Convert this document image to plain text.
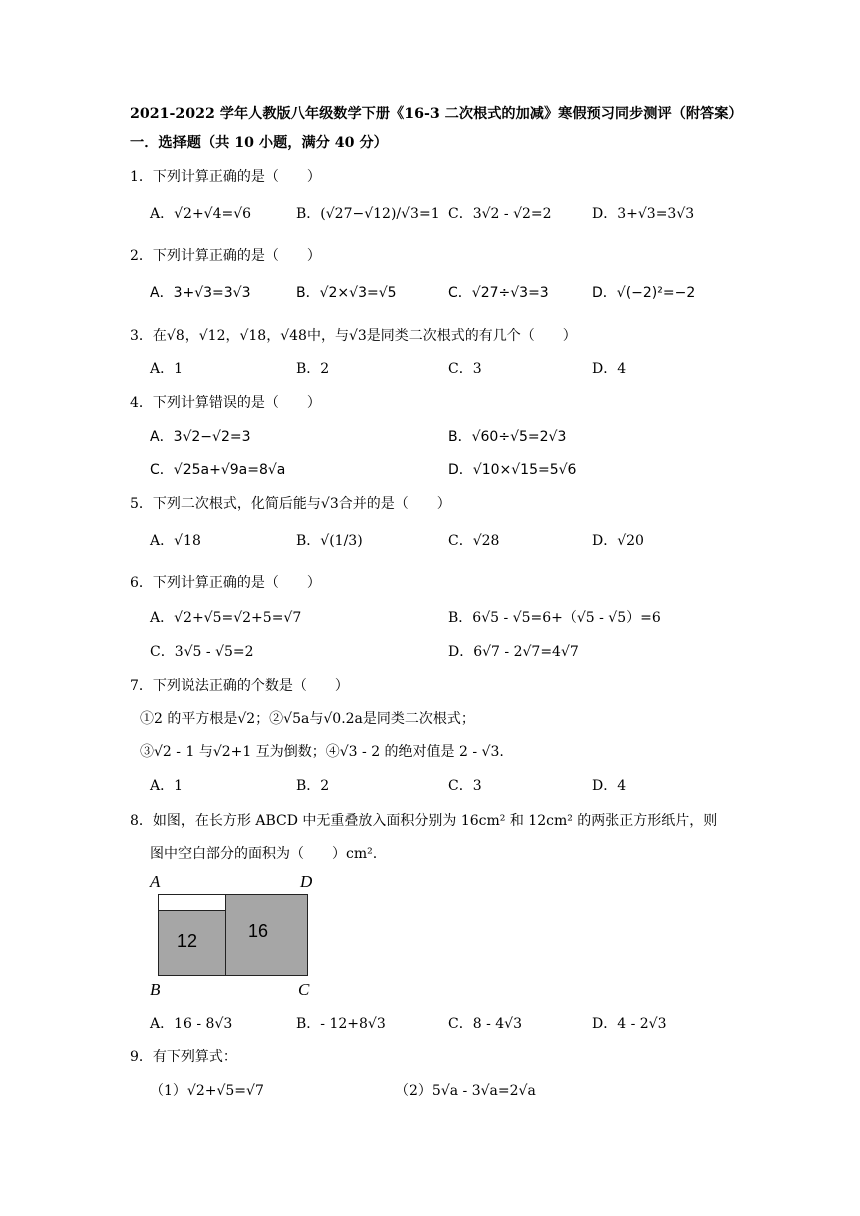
2021-2022 学年人教版八年级数学下册《16-3 二次根式的加减》寒假预习同步测评（附答案）
一．选择题（共 10 小题，满分 40 分）
1．下列计算正确的是（　　）
A．√2+√4=√6	B．(√27−√12)/√3=1 C．3√2 - √2=2	D．3+√3=3√3
2．下列计算正确的是（　　）
A．3+√3=3√3	B．√2×√3=√5	C．√27÷√3=3	D．√(−2)²=−2
3．在√8，√12，√18，√48中，与√3是同类二次根式的有几个（　　）
A．1	B．2	C．3	D．4
4．下列计算错误的是（　　）
A．3√2−√2=3	B．√60÷√5=2√3
C．√25a+√9a=8√a	D．√10×√15=5√6
5．下列二次根式，化简后能与√3合并的是（　　）
A．√18	B．√(1/3)	C．√28	D．√20
6．下列计算正确的是（　　）
A．√2+√5=√2+5=√7	B．6√5 - √5=6+（√5 - √5）=6
C．3√5 - √5=2	D．6√7 - 2√7=4√7
7．下列说法正确的个数是（　　）
①2 的平方根是√2；②√5a与√0.2a是同类二次根式；
③√2 - 1 与√2+1 互为倒数；④√3 - 2 的绝对值是 2 - √3.
A．1	B．2	C．3	D．4
8．如图，在长方形 ABCD 中无重叠放入面积分别为 16cm² 和 12cm² 的两张正方形纸片，则
图中空白部分的面积为（　　）cm².
12	16
A	D
B	C
A．16 - 8√3	B．- 12+8√3	C．8 - 4√3	D．4 - 2√3
9．有下列算式：
（1）√2+√5=√7	（2）5√a - 3√a=2√a
